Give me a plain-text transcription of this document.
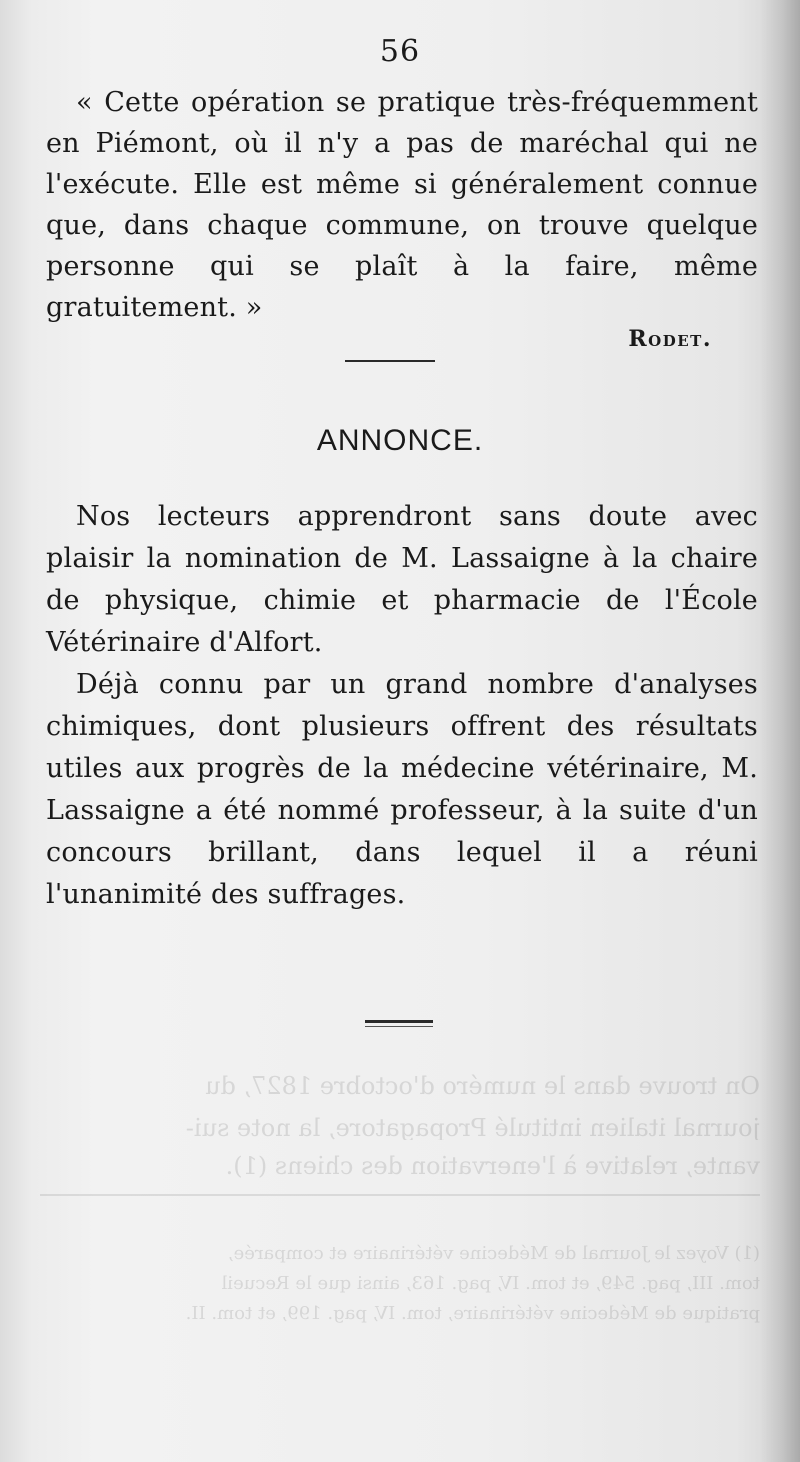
On trouve dans le numéro d'octobre 1827, du
journal italien intitulé Propagatore, la note sui-
vante, relative à l'enervation des chiens (1).
(1) Voyez le Journal de Médecine vétérinaire et comparée,
tom. III, pag. 549, et tom. IV, pag. 163, ainsi que le Recueil
pratique de Médecine vétérinaire, tom. IV, pag. 199, et tom. II.
56

« Cette opération se pratique très-fréquemment en Piémont, où il n'y a pas de maréchal qui ne l'exécute. Elle est même si généralement connue que, dans chaque commune, on trouve quelque personne qui se plaît à la faire, même gratuitement. »

Rodet.
ANNONCE.

Nos lecteurs apprendront sans doute avec plaisir la nomination de M. Lassaigne à la chaire de physique, chimie et pharmacie de l'École Vétérinaire d'Alfort.

Déjà connu par un grand nombre d'analyses chimiques, dont plusieurs offrent des résultats utiles aux progrès de la médecine vétérinaire, M. Lassaigne a été nommé professeur, à la suite d'un concours brillant, dans lequel il a réuni l'unanimité des suffrages.
